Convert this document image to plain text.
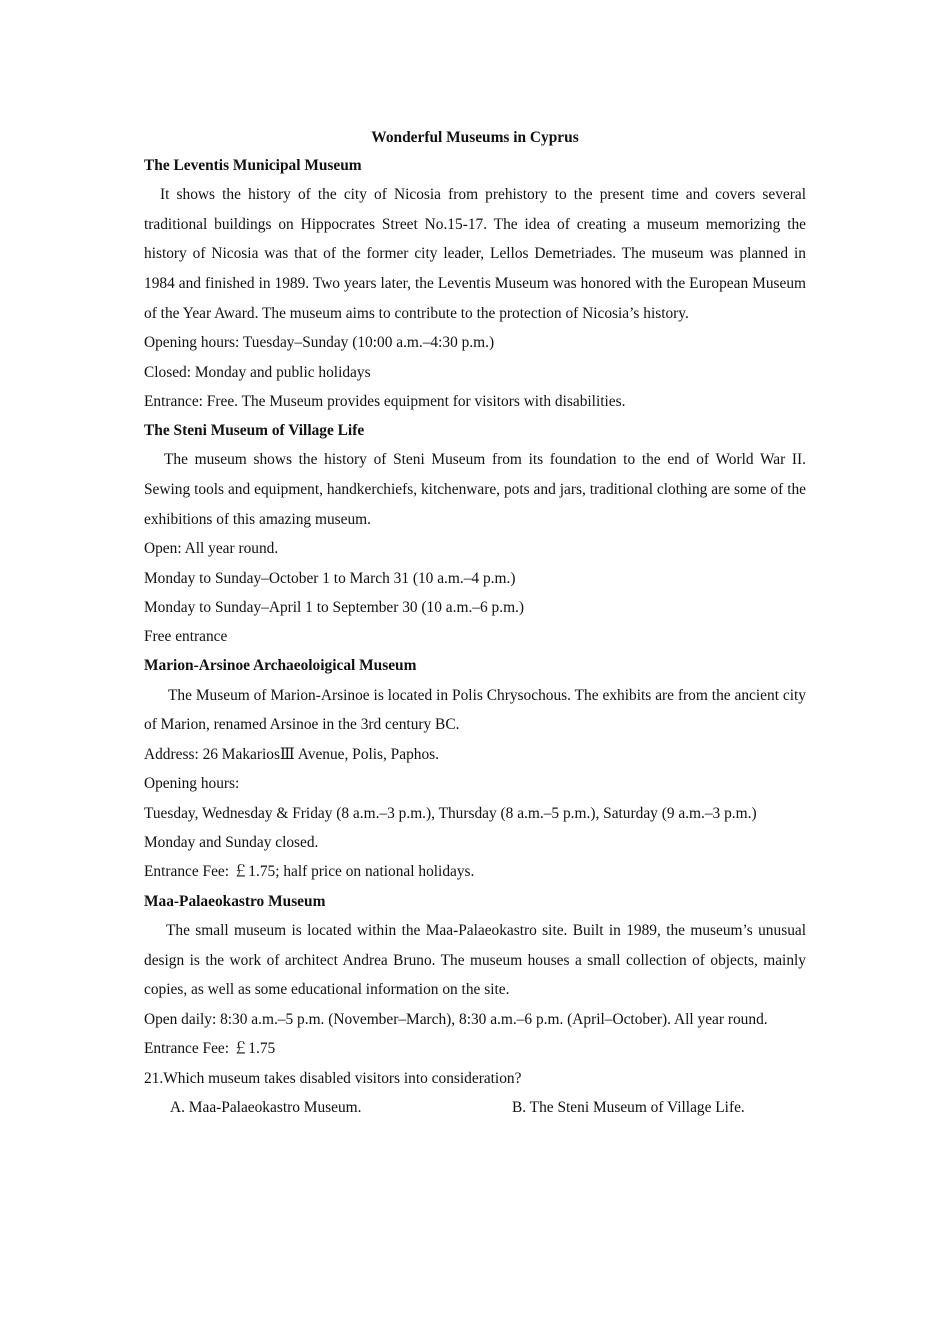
Wonderful Museums in Cyprus
The Leventis Municipal Museum

It shows the history of the city of Nicosia from prehistory to the present time and covers several traditional buildings on Hippocrates Street No.15-17. The idea of creating a museum memorizing the history of Nicosia was that of the former city leader, Lellos Demetriades. The museum was planned in 1984 and finished in 1989. Two years later, the Leventis Museum was honored with the European Museum of the Year Award. The museum aims to contribute to the protection of Nicosia’s history.

Opening hours: Tuesday–Sunday (10:00 a.m.–4:30 p.m.)
Closed: Monday and public holidays
Entrance: Free. The Museum provides equipment for visitors with disabilities.
The Steni Museum of Village Life

The museum shows the history of Steni Museum from its foundation to the end of World War II. Sewing tools and equipment, handkerchiefs, kitchenware, pots and jars, traditional clothing are some of the exhibitions of this amazing museum.

Open: All year round.
Monday to Sunday–October 1 to March 31 (10 a.m.–4 p.m.)
Monday to Sunday–April 1 to September 30 (10 a.m.–6 p.m.)
Free entrance
Marion-Arsinoe Archaeoloigical Museum

The Museum of Marion-Arsinoe is located in Polis Chrysochous. The exhibits are from the ancient city of Marion, renamed Arsinoe in the 3rd century BC.

Address: 26 MakariosⅢ Avenue, Polis, Paphos.
Opening hours:

Tuesday, Wednesday & Friday (8 a.m.–3 p.m.), Thursday (8 a.m.–5 p.m.), Saturday (9 a.m.–3 p.m.)

Monday and Sunday closed.
Entrance Fee: ￡1.75; half price on national holidays.
Maa-Palaeokastro Museum

The small museum is located within the Maa-Palaeokastro site. Built in 1989, the museum’s unusual design is the work of architect Andrea Bruno. The museum houses a small collection of objects, mainly copies, as well as some educational information on the site.

Open daily: 8:30 a.m.–5 p.m. (November–March), 8:30 a.m.–6 p.m. (April–October). All year round.

Entrance Fee: ￡1.75
21.Which museum takes disabled visitors into consideration?
A. Maa-Palaeokastro Museum.	B. The Steni Museum of Village Life.
